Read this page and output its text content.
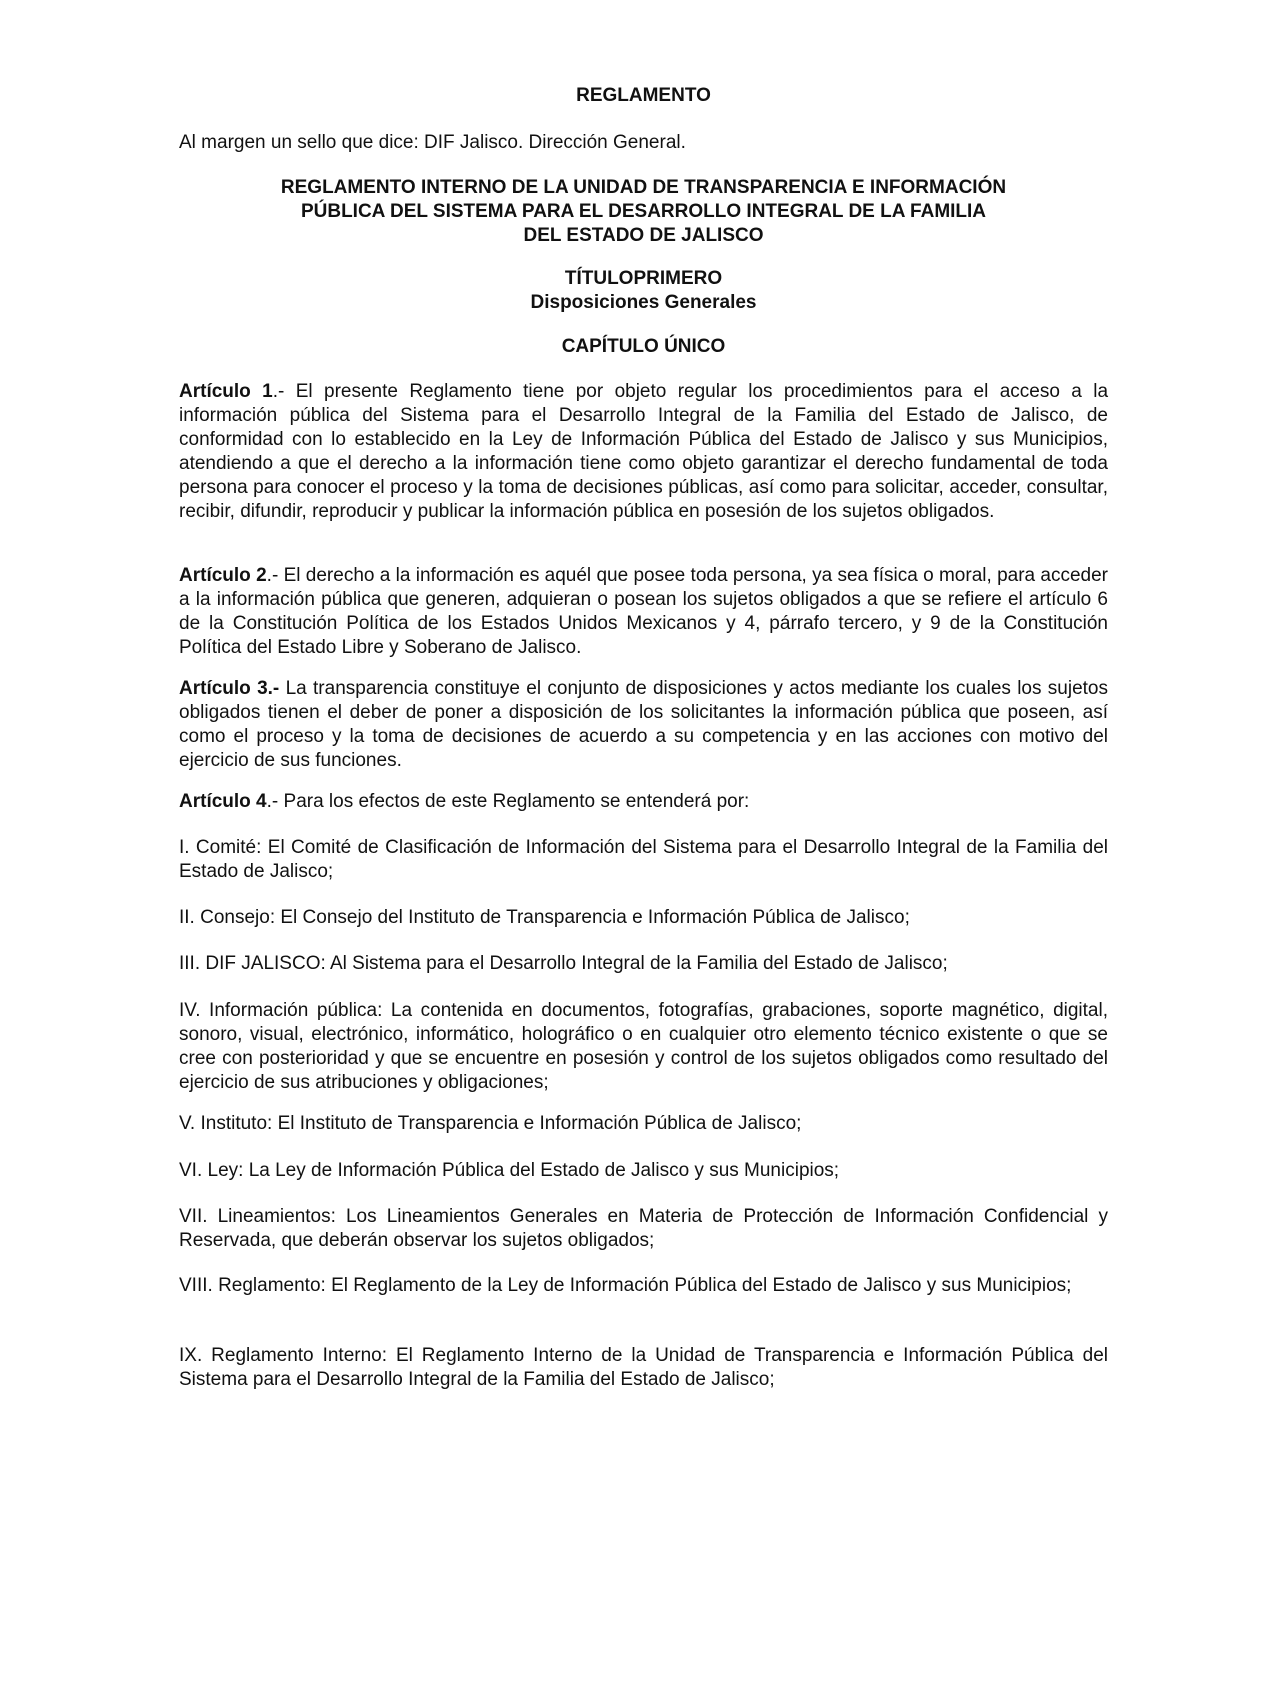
REGLAMENTO

Al margen un sello que dice: DIF Jalisco. Dirección General.

REGLAMENTO INTERNO DE LA UNIDAD DE TRANSPARENCIA E INFORMACIÓN

PÚBLICA DEL SISTEMA PARA EL DESARROLLO INTEGRAL DE LA FAMILIA

DEL ESTADO DE JALISCO

TÍTULOPRIMERO

Disposiciones Generales

CAPÍTULO ÚNICO

Artículo 1.- El presente Reglamento tiene por objeto regular los procedimientos para el acceso a la información pública del Sistema para el Desarrollo Integral de la Familia del Estado de Jalisco, de conformidad con lo establecido en la Ley de Información Pública del Estado de Jalisco y sus Municipios, atendiendo a que el derecho a la información tiene como objeto garantizar el derecho fundamental de toda persona para conocer el proceso y la toma de decisiones públicas, así como para solicitar, acceder, consultar, recibir, difundir, reproducir y publicar la información pública en posesión de los sujetos obligados.

Artículo 2.- El derecho a la información es aquél que posee toda persona, ya sea física o moral, para acceder a la información pública que generen, adquieran o posean los sujetos obligados a que se refiere el artículo 6 de la Constitución Política de los Estados Unidos Mexicanos y 4, párrafo tercero, y 9 de la Constitución Política del Estado Libre y Soberano de Jalisco.

Artículo 3.- La transparencia constituye el conjunto de disposiciones y actos mediante los cuales los sujetos obligados tienen el deber de poner a disposición de los solicitantes la información pública que poseen, así como el proceso y la toma de decisiones de acuerdo a su competencia y en las acciones con motivo del ejercicio de sus funciones.

Artículo 4.- Para los efectos de este Reglamento se entenderá por:

I. Comité: El Comité de Clasificación de Información del Sistema para el Desarrollo Integral de la Familia del Estado de Jalisco;

II. Consejo: El Consejo del Instituto de Transparencia e Información Pública de Jalisco;

III. DIF JALISCO: Al Sistema para el Desarrollo Integral de la Familia del Estado de Jalisco;

IV. Información pública: La contenida en documentos, fotografías, grabaciones, soporte magnético, digital, sonoro, visual, electrónico, informático, holográfico o en cualquier otro elemento técnico existente o que se cree con posterioridad y que se encuentre en posesión y control de los sujetos obligados como resultado del ejercicio de sus atribuciones y obligaciones;

V. Instituto: El Instituto de Transparencia e Información Pública de Jalisco;

VI. Ley: La Ley de Información Pública del Estado de Jalisco y sus Municipios;

VII. Lineamientos: Los Lineamientos Generales en Materia de Protección de Información Confidencial y Reservada, que deberán observar los sujetos obligados;

VIII. Reglamento: El Reglamento de la Ley de Información Pública del Estado de Jalisco y sus Municipios;

IX. Reglamento Interno: El Reglamento Interno de la Unidad de Transparencia e Información Pública del Sistema para el Desarrollo Integral de la Familia del Estado de Jalisco;
